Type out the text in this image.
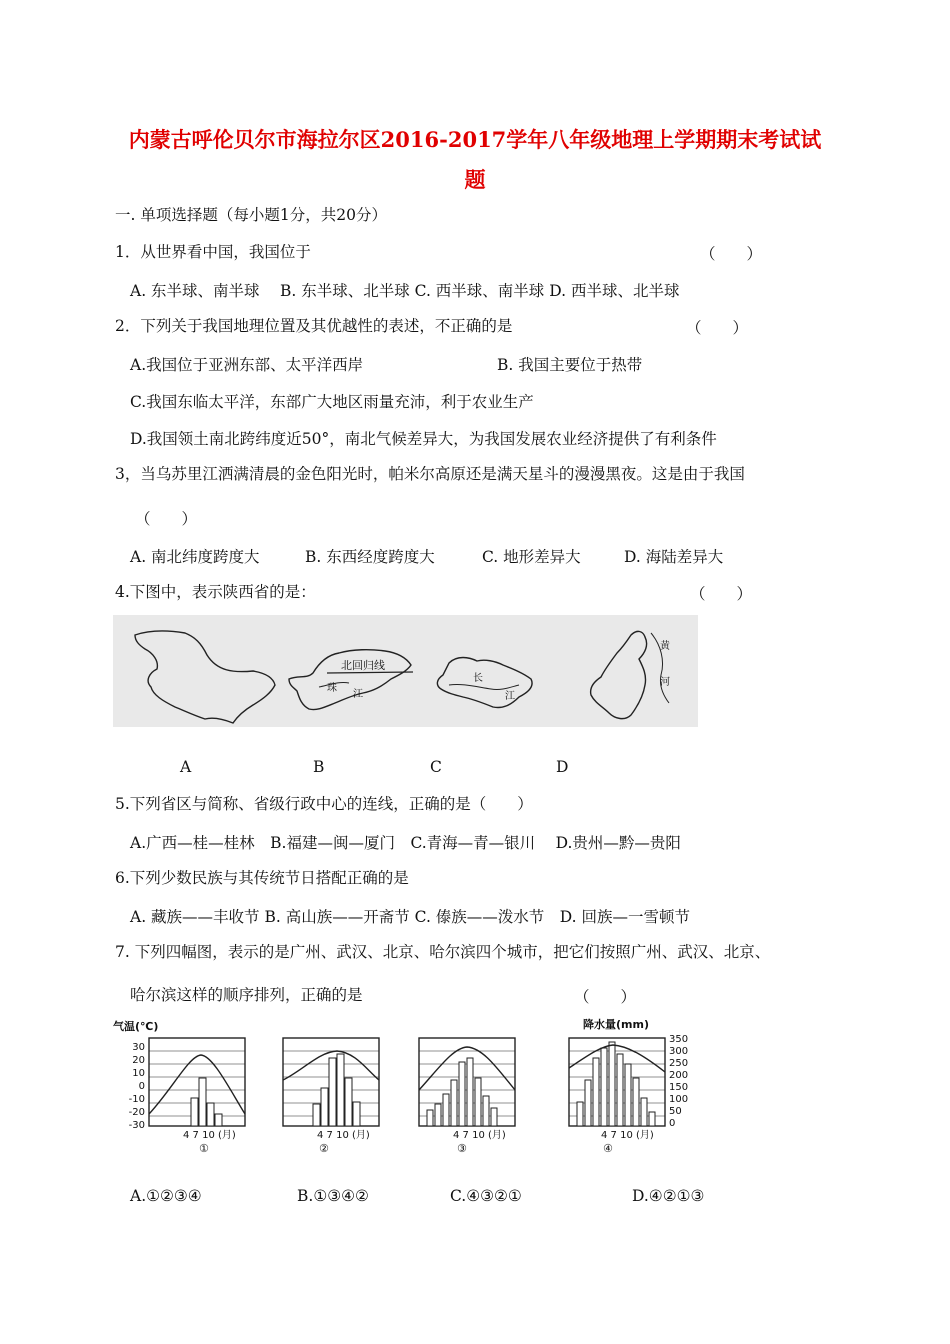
内蒙古呼伦贝尔市海拉尔区2016-2017学年八年级地理上学期期末考试试
题
一. 单项选择题（每小题1分，共20分）
1．从世界看中国，我国位于	（　　）
A. 东半球、南半球　 B. 东半球、北半球 C. 西半球、南半球 D. 西半球、北半球
2．下列关于我国地理位置及其优越性的表述，不正确的是	（　　）
A.我国位于亚洲东部、太平洋西岸	B. 我国主要位于热带
C.我国东临太平洋，东部广大地区雨量充沛，利于农业生产
D.我国领土南北跨纬度近50°，南北气候差异大，为我国发展农业经济提供了有利条件
3，当乌苏里江洒满清晨的金色阳光时，帕米尔高原还是满天星斗的漫漫黑夜。这是由于我国
（　　）
A. 南北纬度跨度大	B. 东西经度跨度大	C. 地形差异大	D. 海陆差异大
4.下图中，表示陕西省的是：	（　　）
北回归线
珠
江
长
江
黄
河
A	B	C	D
5.下列省区与简称、省级行政中心的连线，正确的是（　　）
A.广西—桂—桂林　B.福建—闽—厦门　C.青海—青—银川　 D.贵州—黔—贵阳
6.下列少数民族与其传统节日搭配正确的是
A. 藏族——丰收节 B. 高山族——开斋节 C. 傣族——泼水节　D. 回族—一雪顿节
7. 下列四幅图，表示的是广州、武汉、北京、哈尔滨四个城市，把它们按照广州、武汉、北京、
哈尔滨这样的顺序排列，正确的是	（　　）
气温(℃)	降水量(mm)
30
20
10
0
-10
-20
-30
4 7 10 (月)
①
4 7 10 (月)
②
4 7 10 (月)
③
350
300
250
200
150
100
50
0
4 7 10 (月)
④
A.①②③④	B.①③④②	C.④③②①	D.④②①③
